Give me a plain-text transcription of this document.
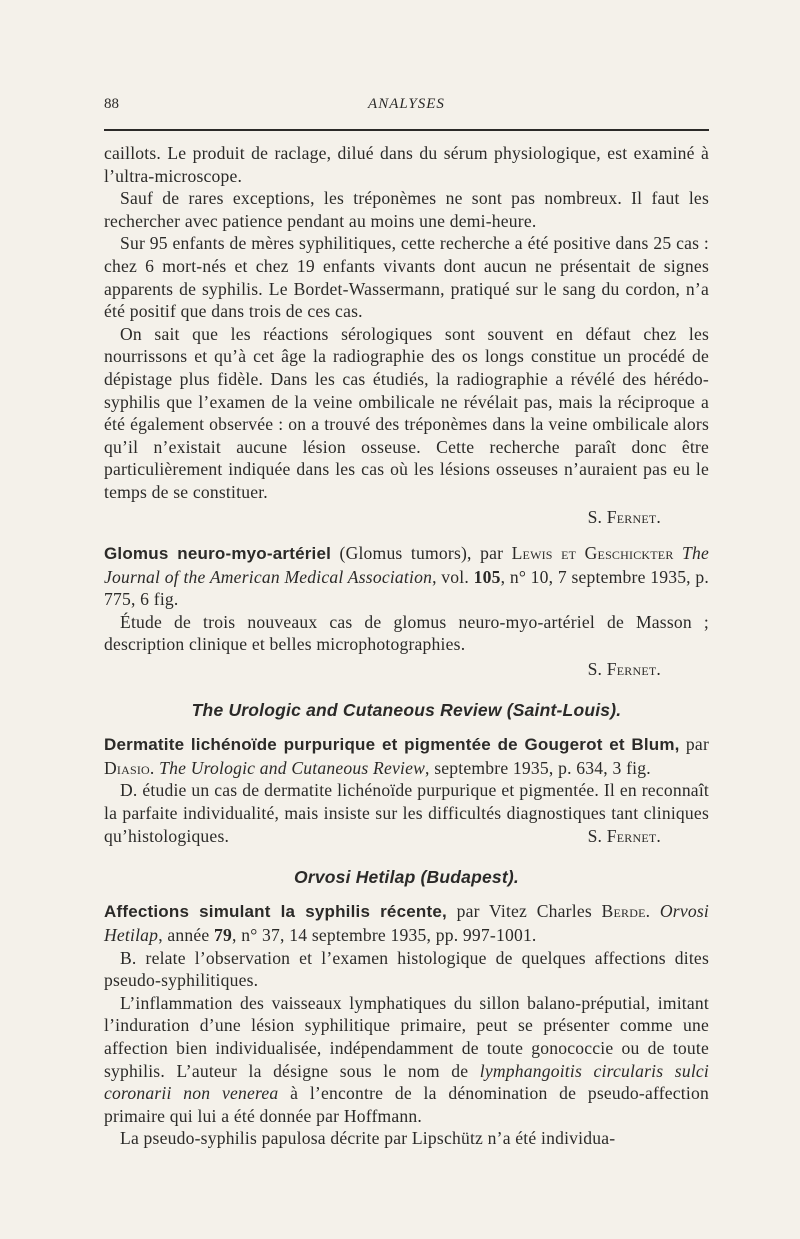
88	ANALYSES

caillots. Le produit de raclage, dilué dans du sérum physiologique, est examiné à l’ultra-microscope.

Sauf de rares exceptions, les tréponèmes ne sont pas nombreux. Il faut les rechercher avec patience pendant au moins une demi-heure.

Sur 95 enfants de mères syphilitiques, cette recherche a été positive dans 25 cas : chez 6 mort-nés et chez 19 enfants vivants dont aucun ne présentait de signes apparents de syphilis. Le Bordet-Wassermann, pratiqué sur le sang du cordon, n’a été positif que dans trois de ces cas.

On sait que les réactions sérologiques sont souvent en défaut chez les nourrissons et qu’à cet âge la radiographie des os longs constitue un procédé de dépistage plus fidèle. Dans les cas étudiés, la radiographie a révélé des hérédo-syphilis que l’examen de la veine ombilicale ne révélait pas, mais la réciproque a été également observée : on a trouvé des tréponèmes dans la veine ombilicale alors qu’il n’existait aucune lésion osseuse. Cette recherche paraît donc être particulièrement indiquée dans les cas où les lésions osseuses n’auraient pas eu le temps de se constituer.

S. Fernet.

Glomus neuro-myo-artériel (Glomus tumors), par Lewis et Geschickter The Journal of the American Medical Association, vol. 105, n° 10, 7 septembre 1935, p. 775, 6 fig.

Étude de trois nouveaux cas de glomus neuro-myo-artériel de Masson ; description clinique et belles microphotographies.

S. Fernet.

The Urologic and Cutaneous Review (Saint-Louis).

Dermatite lichénoïde purpurique et pigmentée de Gougerot et Blum, par Diasio. The Urologic and Cutaneous Review, septembre 1935, p. 634, 3 fig.

D. étudie un cas de dermatite lichénoïde purpurique et pigmentée. Il en reconnaît la parfaite individualité, mais insiste sur les difficultés diagnostiques tant cliniques qu’histologiques.	S. Fernet.

Orvosi Hetilap (Budapest).

Affections simulant la syphilis récente, par Vitez Charles Berde. Orvosi Hetilap, année 79, n° 37, 14 septembre 1935, pp. 997-1001.

B. relate l’observation et l’examen histologique de quelques affections dites pseudo-syphilitiques.

L’inflammation des vaisseaux lymphatiques du sillon balano-préputial, imitant l’induration d’une lésion syphilitique primaire, peut se présenter comme une affection bien individualisée, indépendamment de toute gonococcie ou de toute syphilis. L’auteur la désigne sous le nom de lymphangoitis circularis sulci coronarii non venerea à l’encontre de la dénomination de pseudo-affection primaire qui lui a été donnée par Hoffmann.

La pseudo-syphilis papulosa décrite par Lipschütz n’a été individua-
